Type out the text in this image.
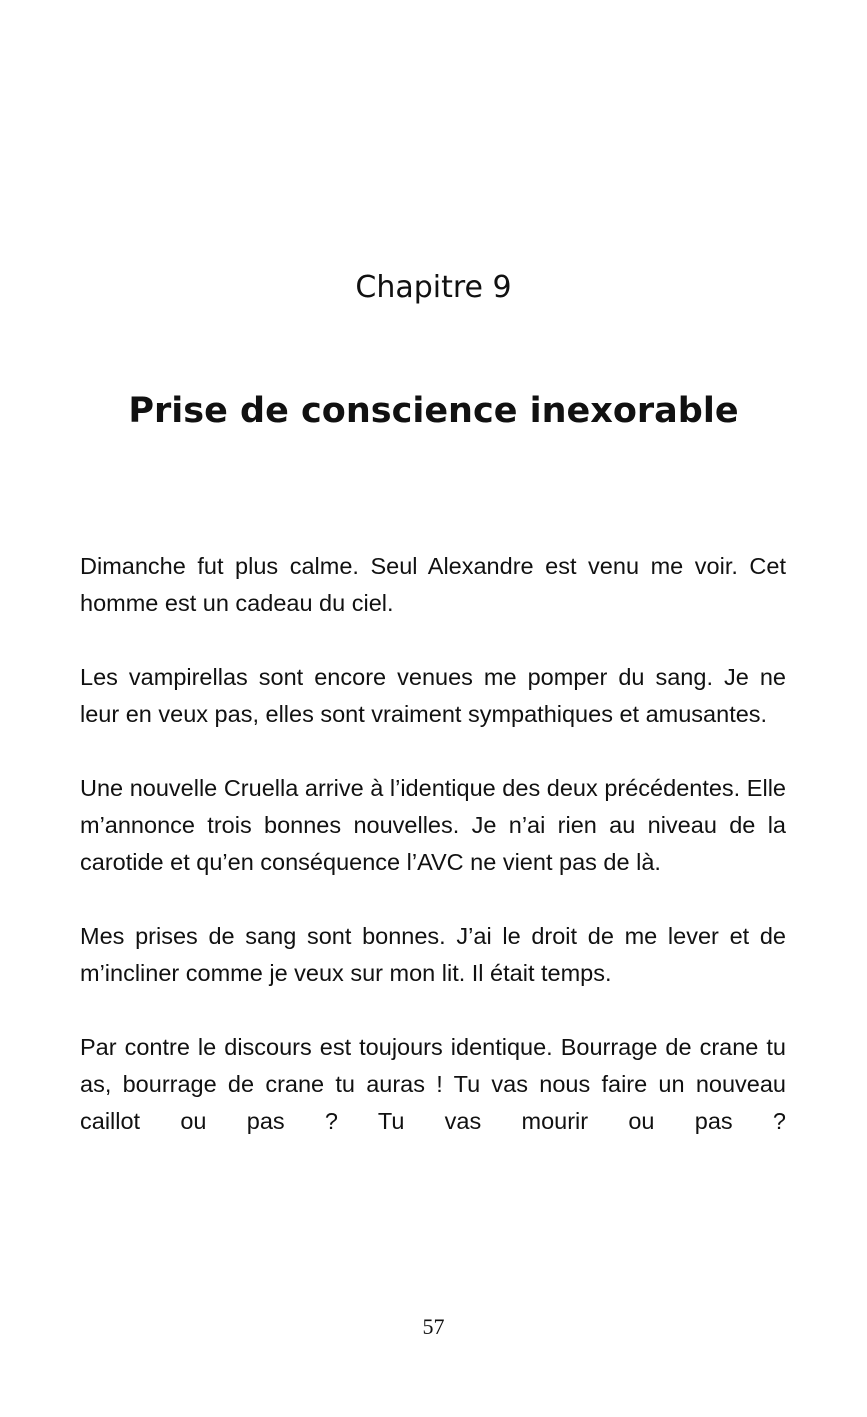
Chapitre 9
Prise de conscience inexorable

Dimanche fut plus calme. Seul Alexandre est venu me voir. Cet homme est un cadeau du ciel.

Les vampirellas sont encore venues me pomper du sang. Je ne leur en veux pas, elles sont vraiment sympathiques et amusantes.

Une nouvelle Cruella arrive à l’identique des deux précédentes. Elle m’annonce trois bonnes nouvelles. Je n’ai rien au niveau de la carotide et qu’en conséquence l’AVC ne vient pas de là.

Mes prises de sang sont bonnes. J’ai le droit de me lever et de m’incliner comme je veux sur mon lit. Il était temps.

Par contre le discours est toujours identique. Bourrage de crane tu as, bourrage de crane tu auras ! Tu vas nous faire un nouveau caillot ou pas ? Tu vas mourir ou pas ?

57
